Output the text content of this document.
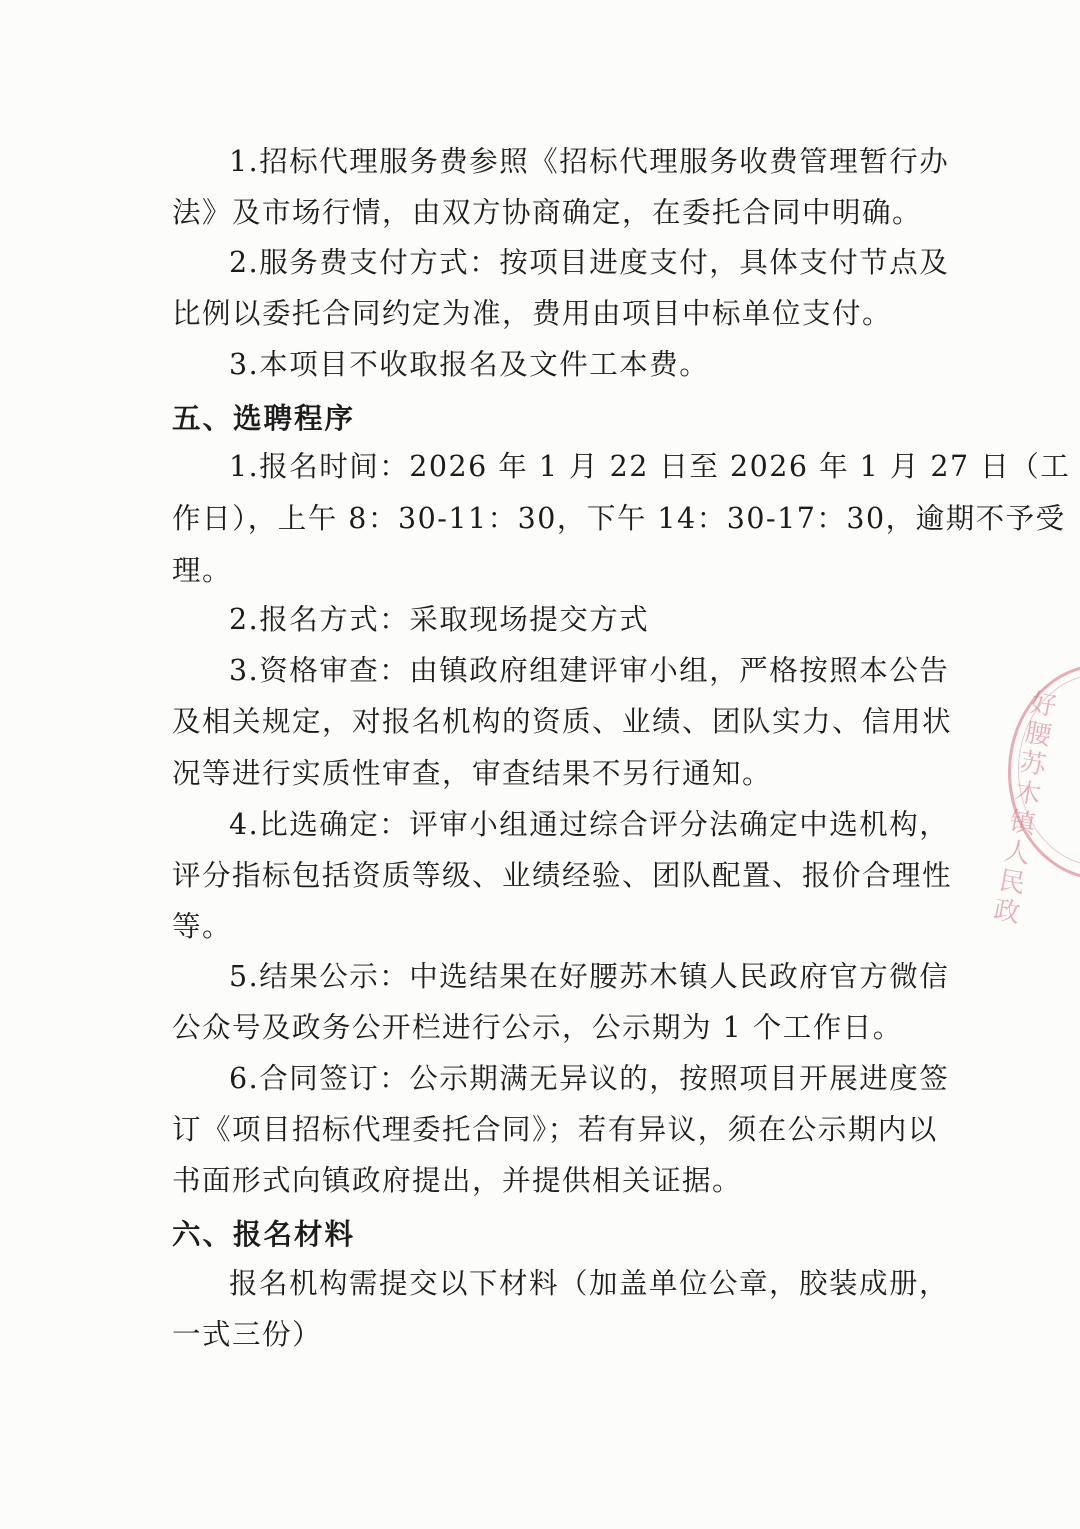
1.招标代理服务费参照《招标代理服务收费管理暂行办
法》及市场行情，由双方协商确定，在委托合同中明确。
2.服务费支付方式：按项目进度支付，具体支付节点及
比例以委托合同约定为准，费用由项目中标单位支付。
3.本项目不收取报名及文件工本费。
五、选聘程序
1.报名时间：2026 年 1 月 22 日至 2026 年 1 月 27 日（工
作日），上午 8：30-11：30，下午 14：30-17：30，逾期不予受
理。
2.报名方式：采取现场提交方式
3.资格审查：由镇政府组建评审小组，严格按照本公告
及相关规定，对报名机构的资质、业绩、团队实力、信用状
况等进行实质性审查，审查结果不另行通知。
4.比选确定：评审小组通过综合评分法确定中选机构，
评分指标包括资质等级、业绩经验、团队配置、报价合理性
等。
5.结果公示：中选结果在好腰苏木镇人民政府官方微信
公众号及政务公开栏进行公示，公示期为 1 个工作日。
6.合同签订：公示期满无异议的，按照项目开展进度签
订《项目招标代理委托合同》；若有异议，须在公示期内以
书面形式向镇政府提出，并提供相关证据。
六、报名材料
报名机构需提交以下材料（加盖单位公章，胶装成册，
一式三份）
好腰苏木镇人民政
